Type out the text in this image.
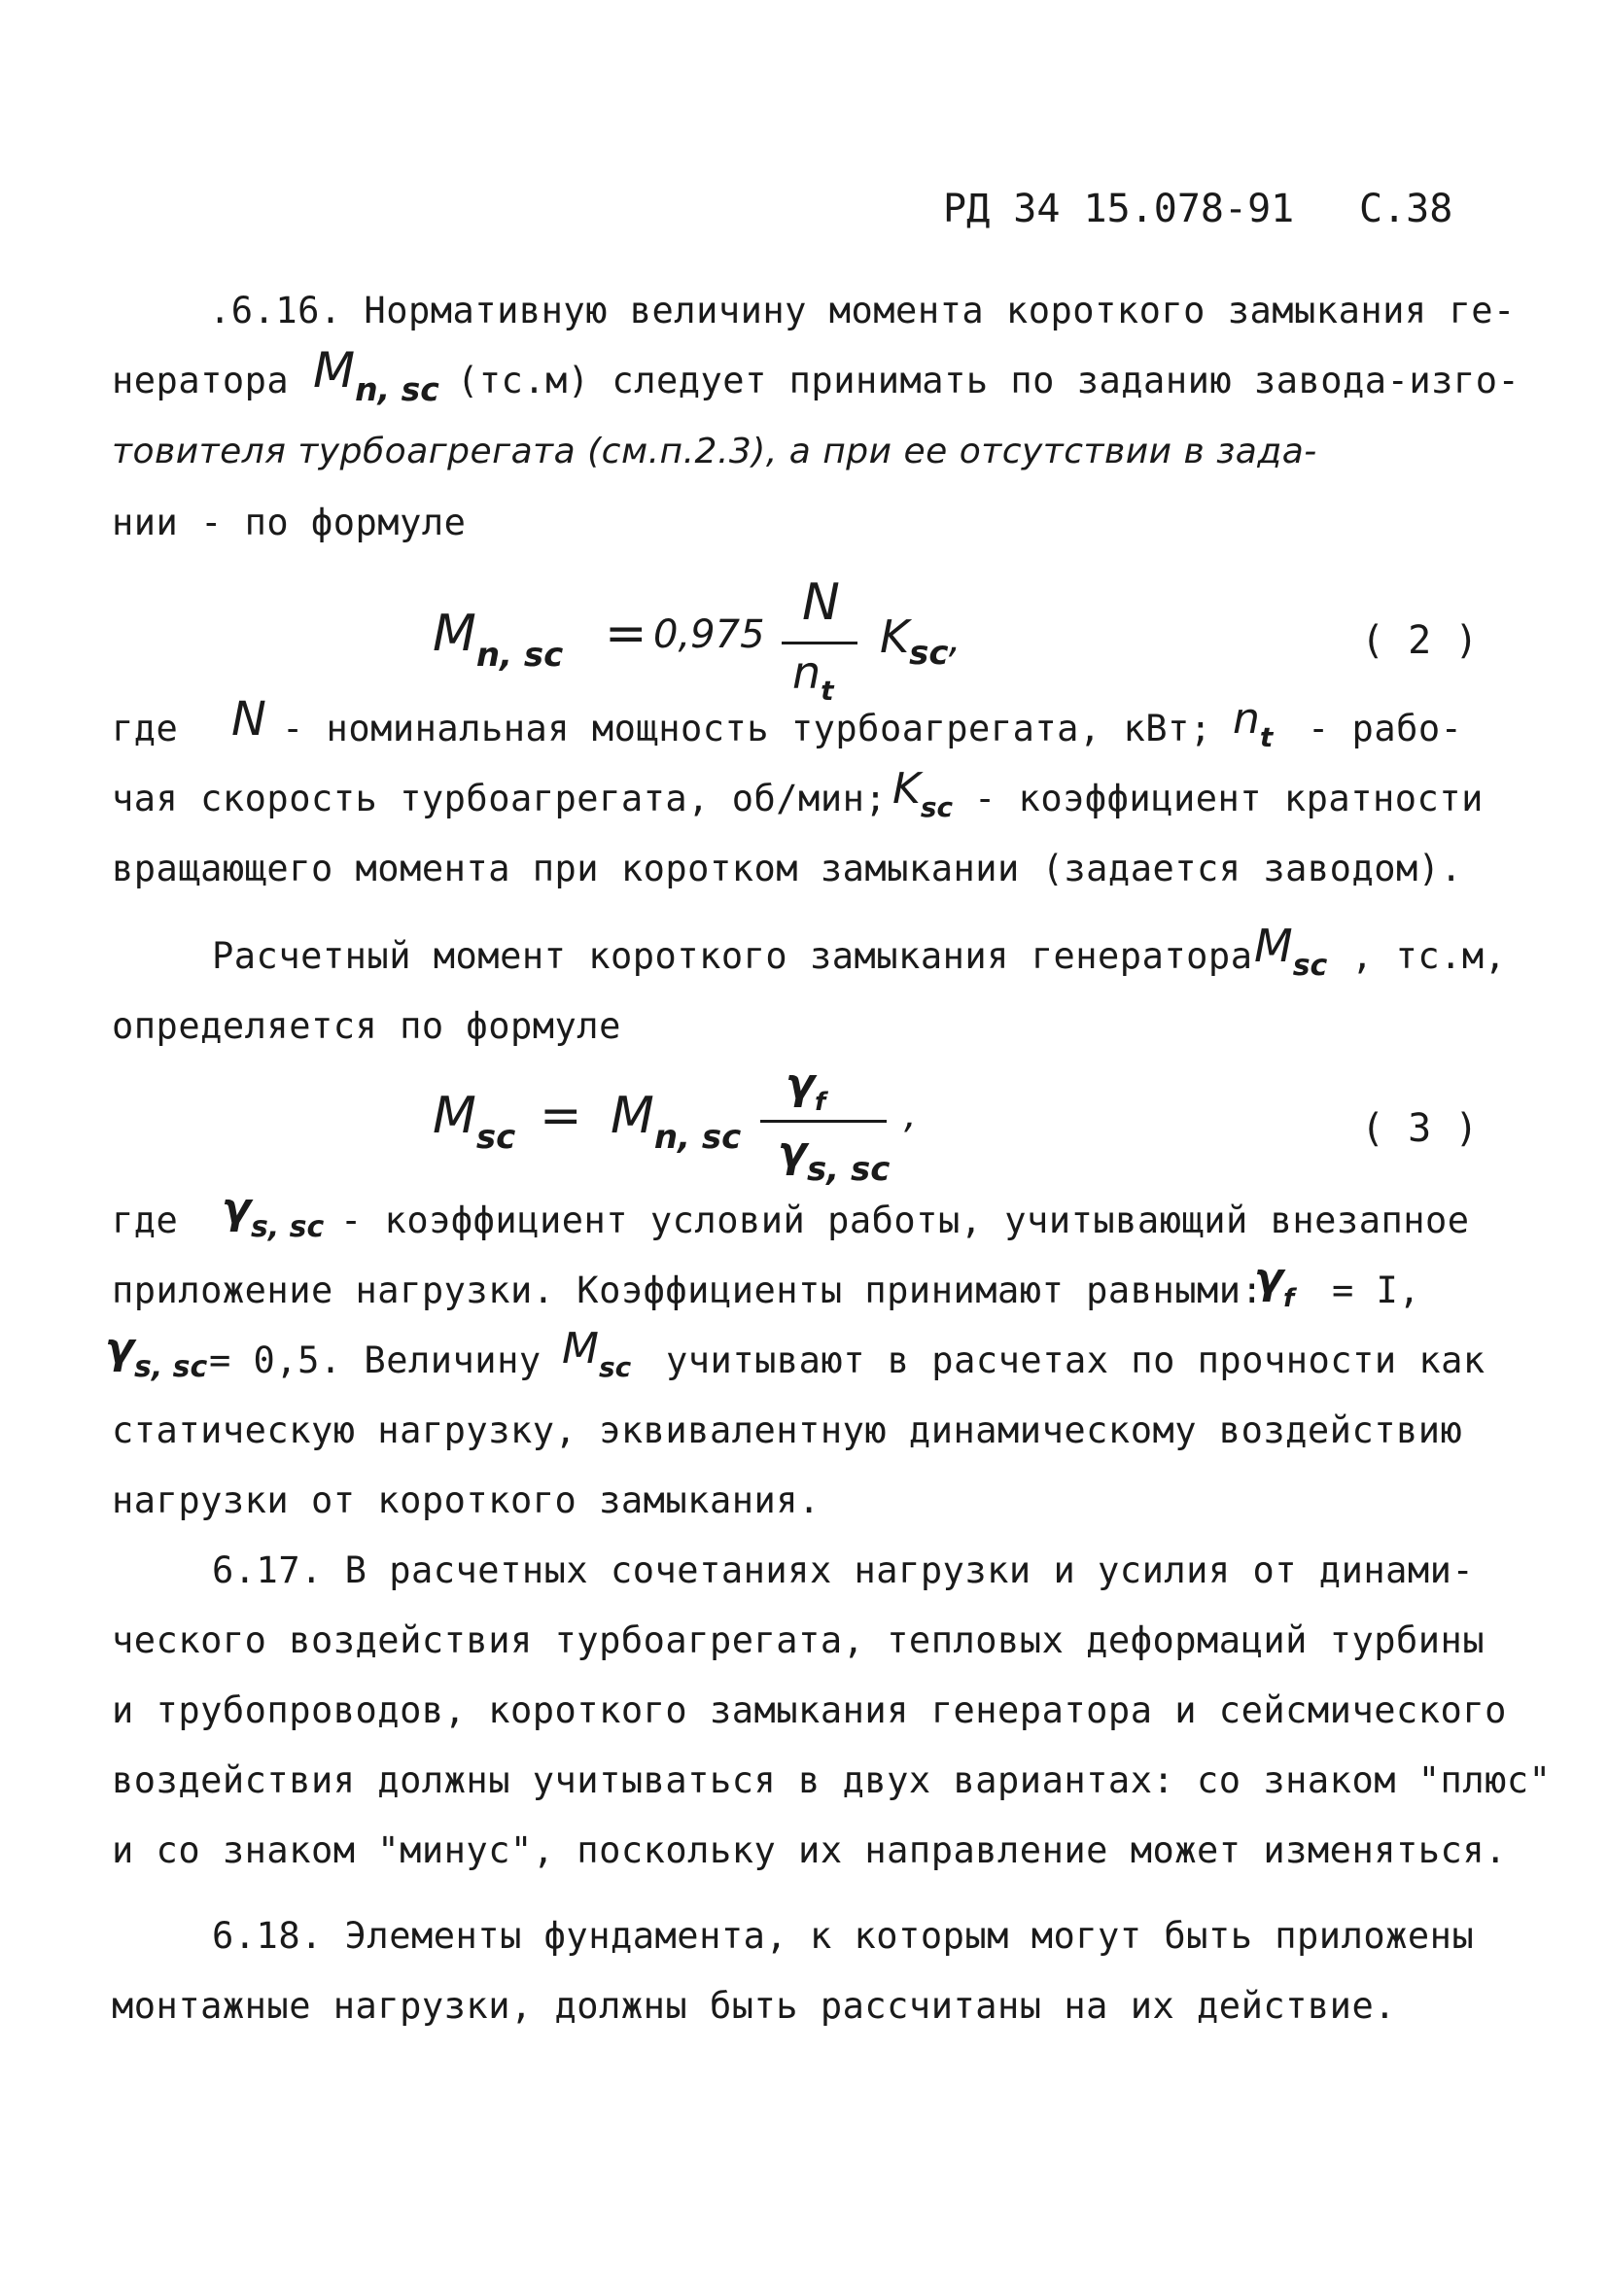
РД 34 15.078-91 С.38
.6.16. Нормативную величину момента короткого замыкания ге-
нератора Mn, sc (тс.м) следует принимать по заданию завода-изго-
товителя турбоагрегата (см.п.2.3), а при ее отсутствии в зада-
нии - по формуле
Mn, sc = 0,975
N
nt
Ksc,	( 2 )
где N - номинальная мощность турбоагрегата, кВт; nt - рабо-
чая скорость турбоагрегата, об/мин; Ksc - коэффициент кратности
вращающего момента при коротком замыкании (задается заводом).
Расчетный момент короткого замыкания генератора Msc , тс.м,
определяется по формуле
Msc = Mn, sc
γf
γs, sc
,	( 3 )
где γs, sc - коэффициент условий работы, учитывающий внезапное
приложение нагрузки. Коэффициенты принимают равными:
γf = I,
γs, sc = 0,5. Величину Msc учитывают в расчетах по прочности как
статическую нагрузку, эквивалентную динамическому воздействию
нагрузки от короткого замыкания.
6.17. В расчетных сочетаниях нагрузки и усилия от динами-
ческого воздействия турбоагрегата, тепловых деформаций турбины
и трубопроводов, короткого замыкания генератора и сейсмического
воздействия должны учитываться в двух вариантах: со знаком "плюс"
и со знаком "минус", поскольку их направление может изменяться.
6.18. Элементы фундамента, к которым могут быть приложены
монтажные нагрузки, должны быть рассчитаны на их действие.
